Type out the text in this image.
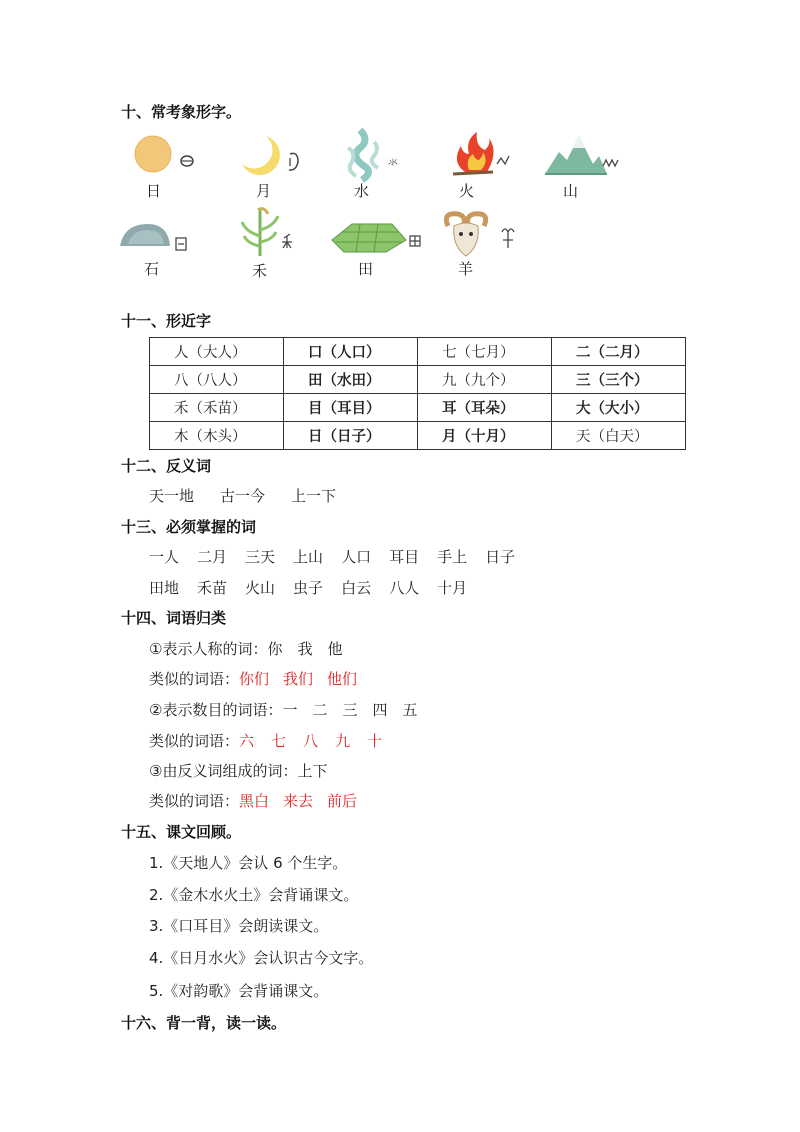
十、常考象形字。
日	月
氺
水	火	山
石	禾	田	羊
十一、形近字
人（大人）	口（人口）	七（七月）	二（二月）
八（八人）	田（水田）	九（九个）	三（三个）
禾（禾苗）	目（耳目）	耳（耳朵）	大（大小）
木（木头）	日（日子）	月（十月）	天（白天）
十二、反义词
天一地 古一今 上一下
十三、必须掌握的词
一人 二月 三天 上山 人口 耳目 手上 日子
田地 禾苗 火山 虫子 白云 八人 十月
十四、词语归类
①表示人称的词：你　我　他
类似的词语：你们 我们 他们
②表示数目的词语：一　二　三　四　五
类似的词语：六 七 八 九 十
③由反义词组成的词：上下
类似的词语：黑白 来去 前后
十五、课文回顾。
1.《天地人》会认 6 个生字。
2.《金木水火土》会背诵课文。
3.《口耳目》会朗读课文。
4.《日月水火》会认识古今文字。
5.《对韵歌》会背诵课文。
十六、背一背，读一读。
